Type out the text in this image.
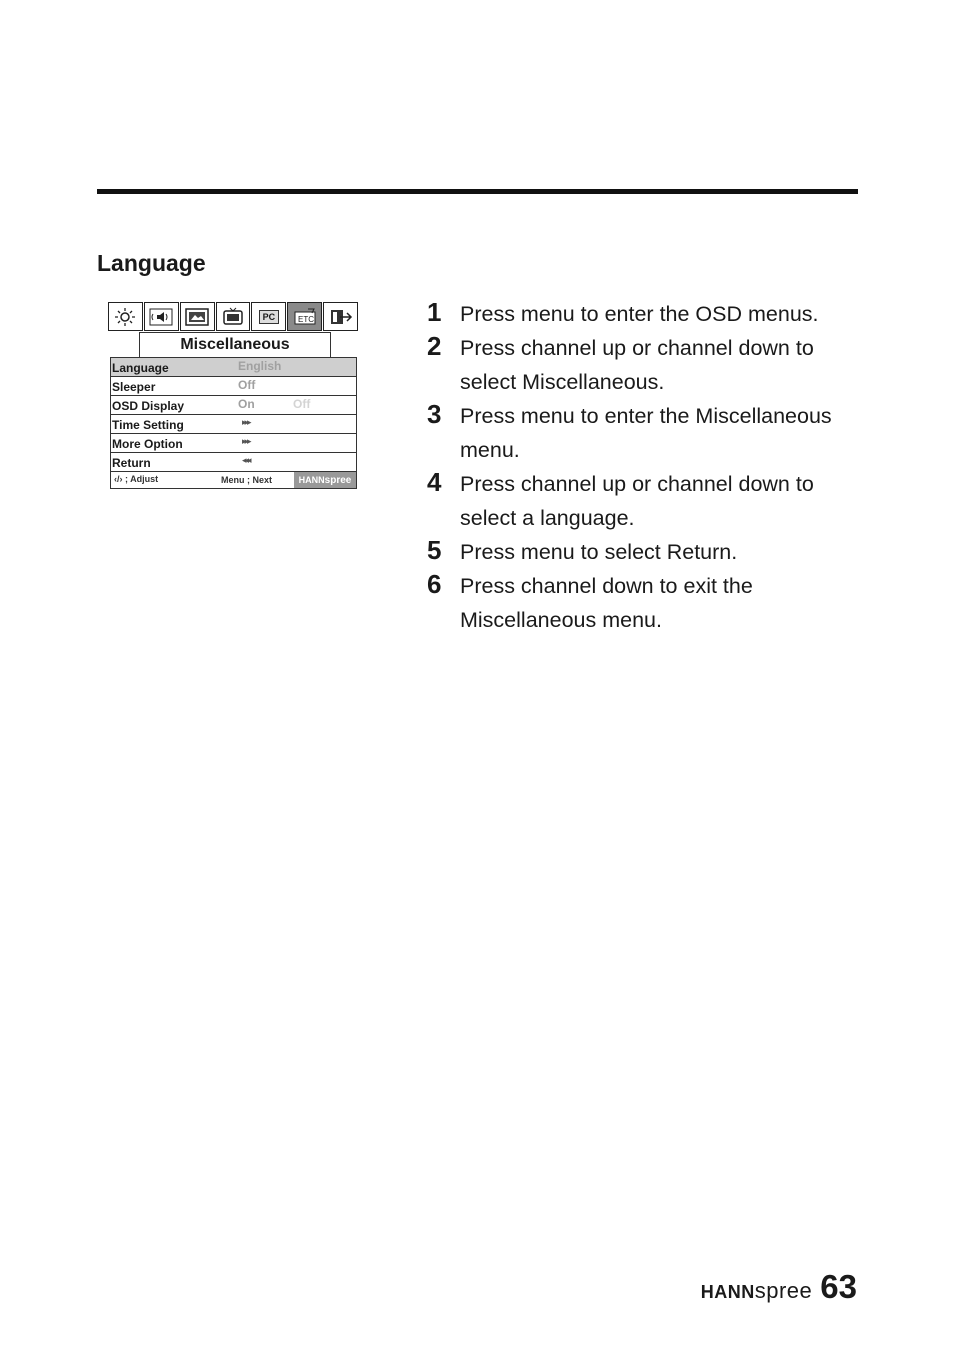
Language
PC	ETC
Miscellaneous
Language	English
Sleeper	Off
OSD Display	On	Off
Time Setting	▸▸▸
More Option	▸▸▸
Return	◂◂◂
‹/› ; Adjust	Menu ; Next	HANNspree
1 Press menu to enter the OSD menus.
2 Press channel up or channel down to select Miscellaneous.
3 Press menu to enter the Miscellaneous menu.
4 Press channel up or channel down to select a language.
5 Press menu to select Return.
6 Press channel down to exit the Miscellaneous menu.
HANNspree 63
